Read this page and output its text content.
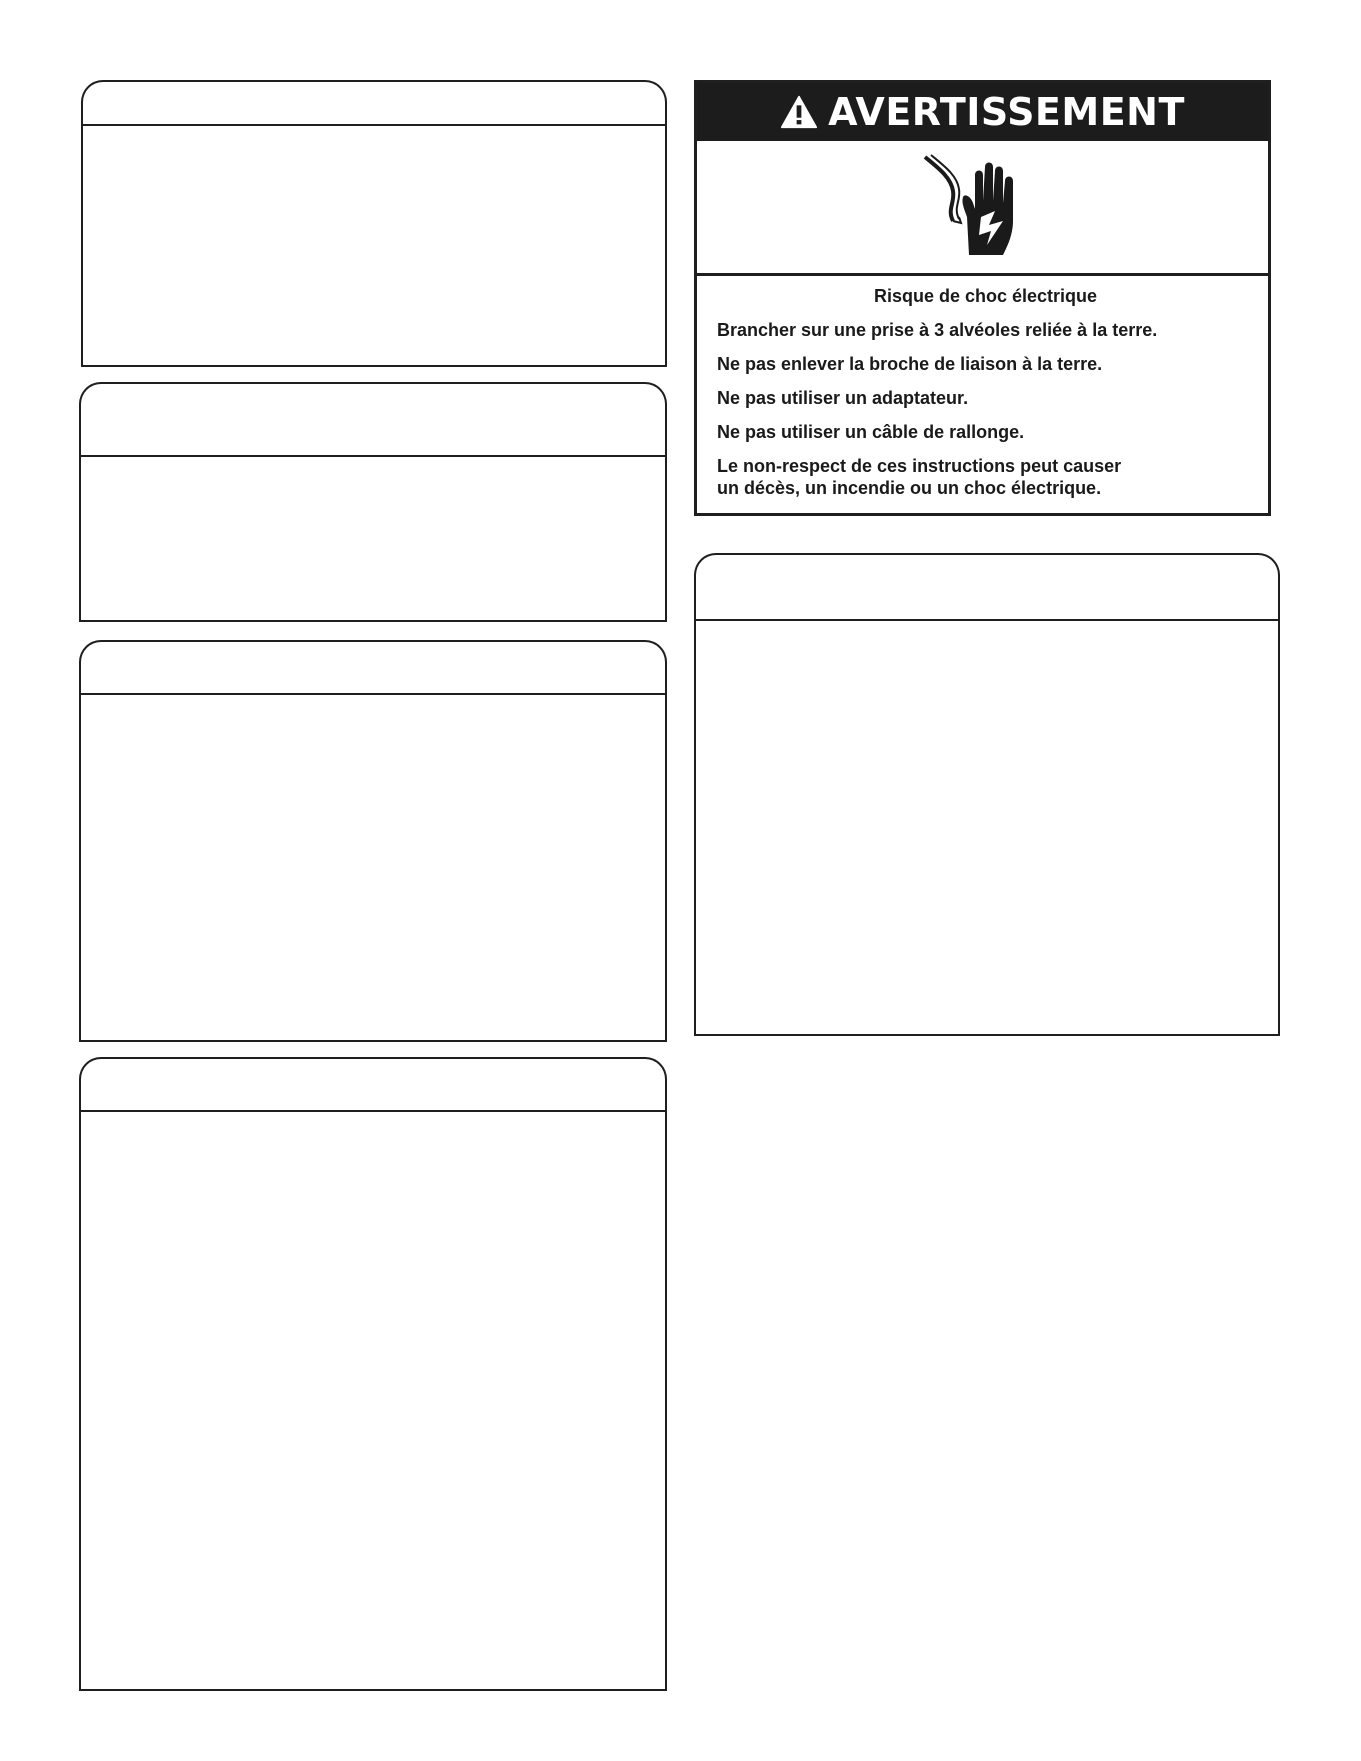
AVERTISSEMENT
Risque de choc électrique
Brancher sur une prise à 3 alvéoles reliée à la terre.
Ne pas enlever la broche de liaison à la terre.
Ne pas utiliser un adaptateur.
Ne pas utiliser un câble de rallonge.
Le non-respect de ces instructions peut causer
un décès, un incendie ou un choc électrique.
